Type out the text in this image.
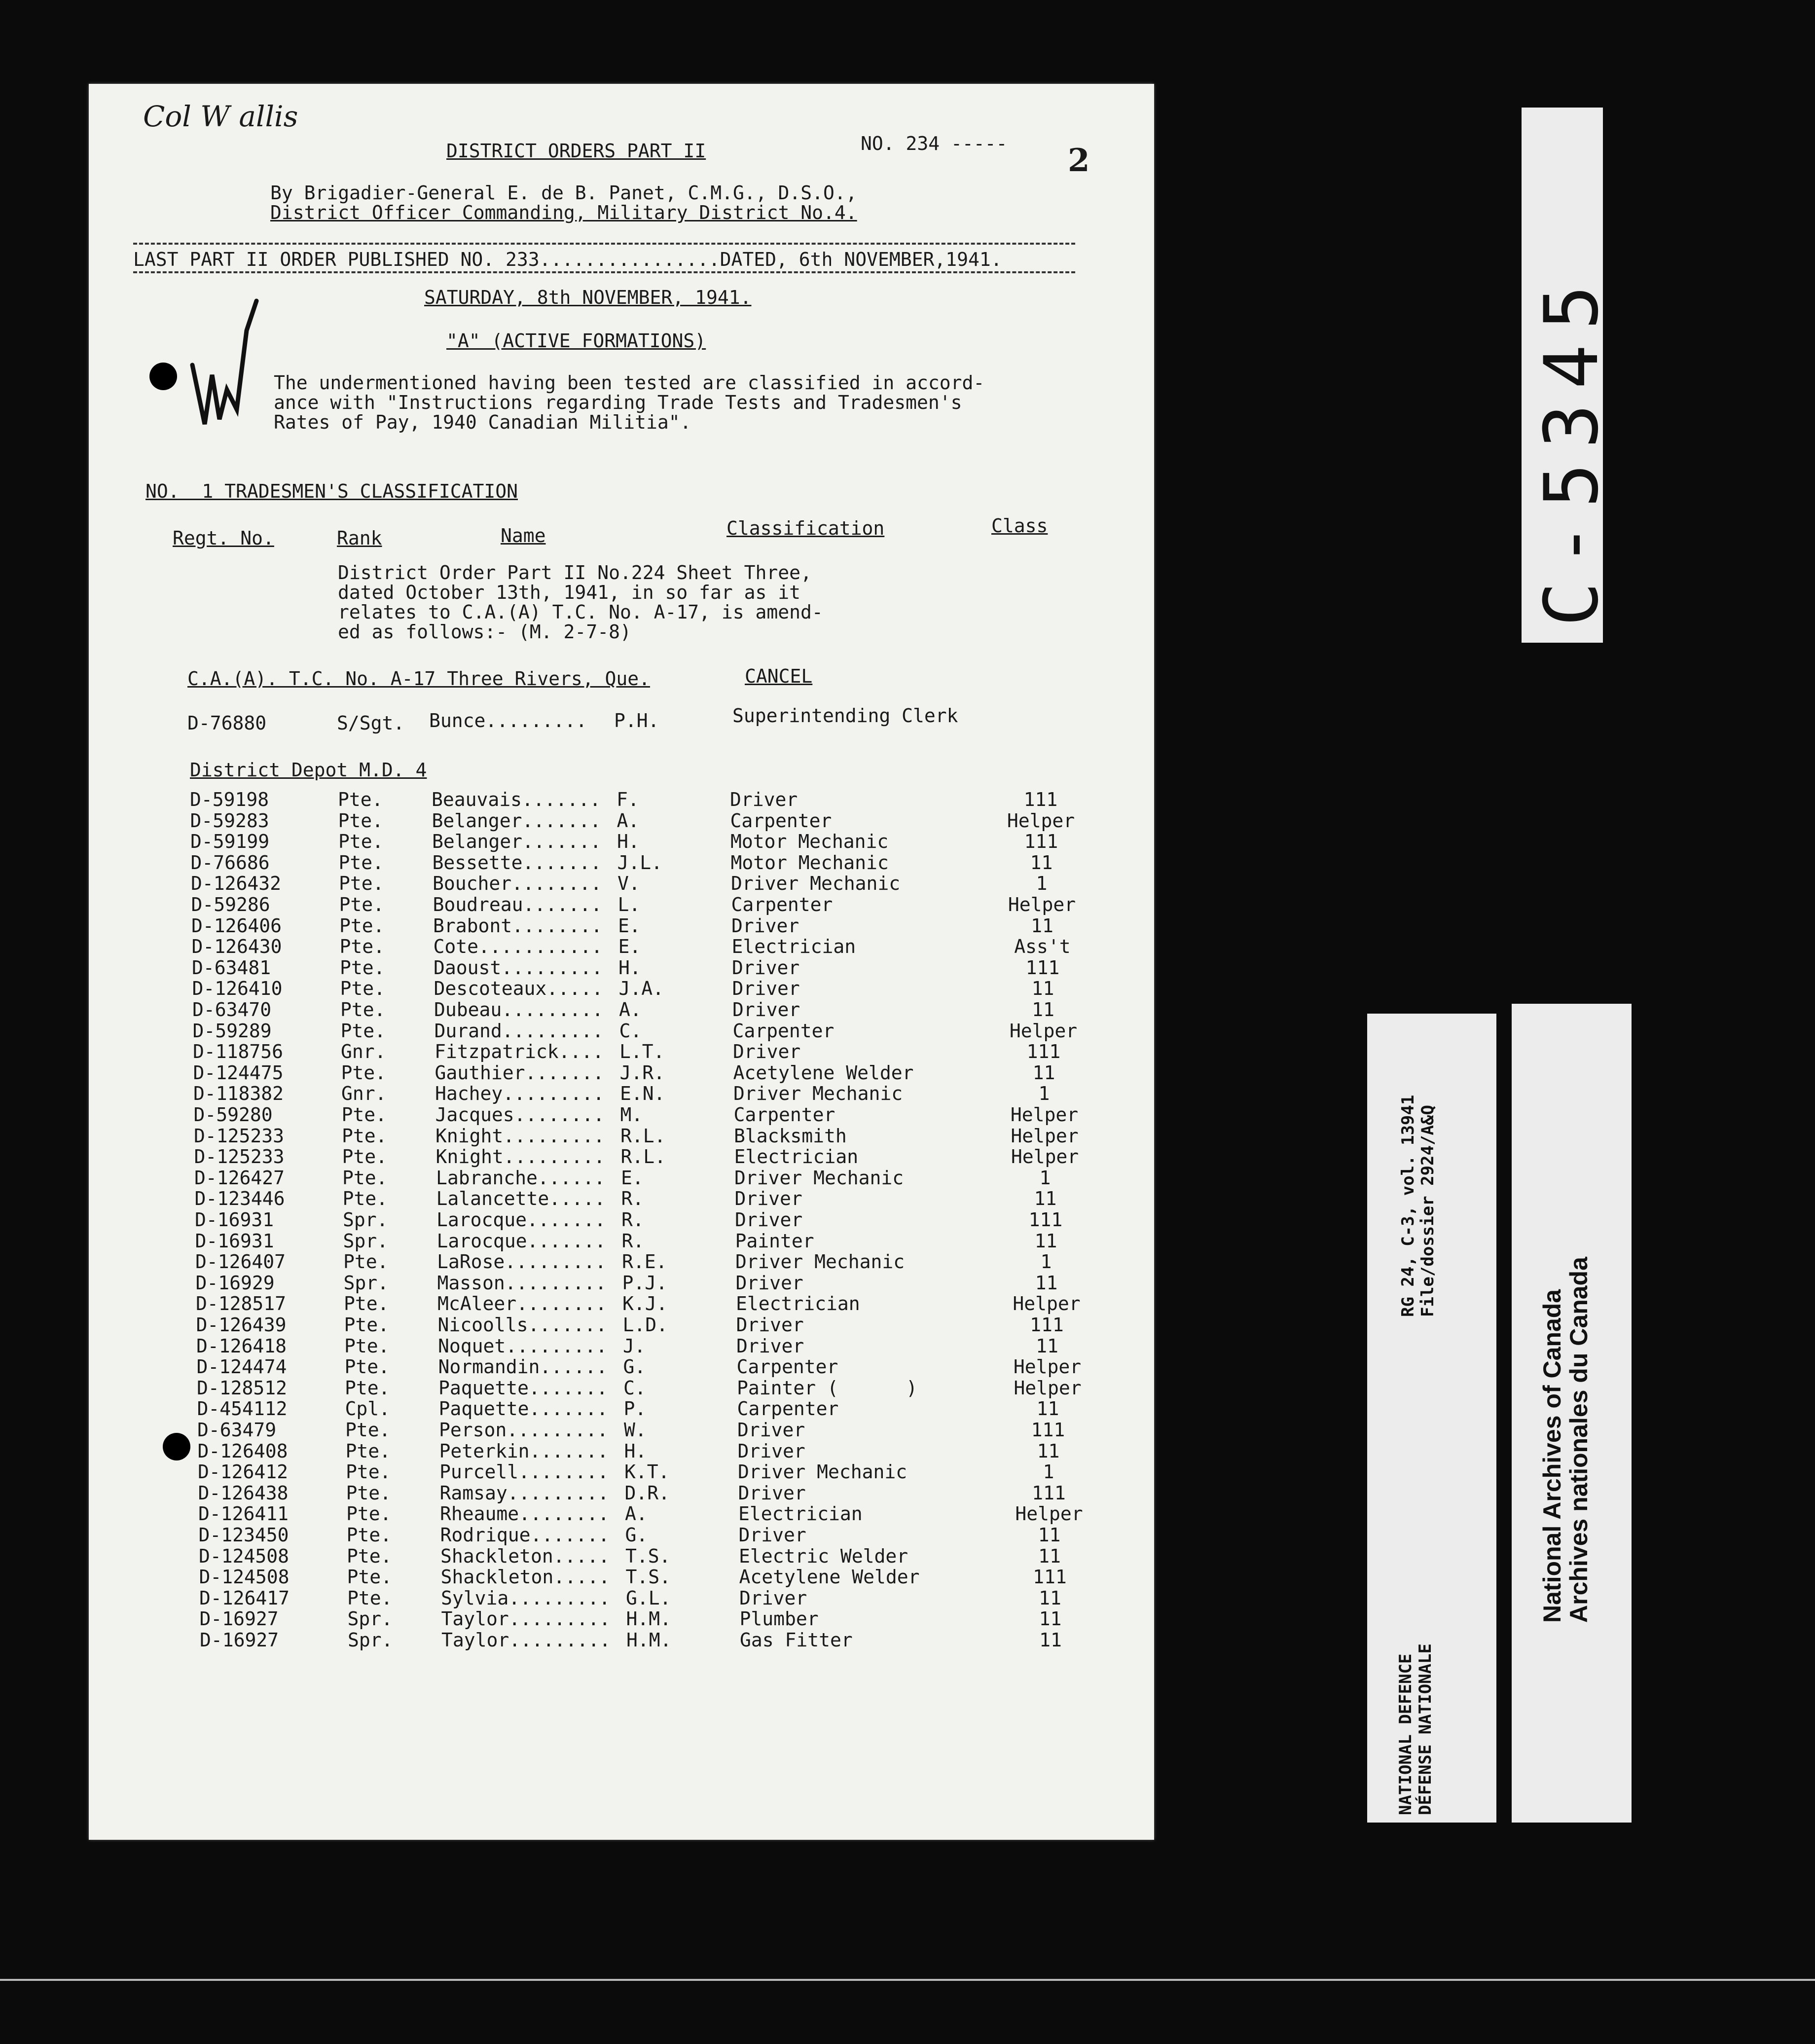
Col W allis
DISTRICT ORDERS PART II	NO. 234 ----- 2
By Brigadier-General E. de B. Panet, C.M.G., D.S.O.,
District Officer Commanding, Military District No.4.
LAST PART II ORDER PUBLISHED NO. 233................DATED, 6th NOVEMBER,1941.
SATURDAY, 8th NOVEMBER, 1941.
"A" (ACTIVE FORMATIONS)
The undermentioned having been tested are classified in accord-
ance with "Instructions regarding Trade Tests and Tradesmen's
Rates of Pay, 1940 Canadian Militia".
NO.  1 TRADESMEN'S CLASSIFICATION
Regt. No.	Rank	Name	Classification	Class
District Order Part II No.224 Sheet Three,
dated October 13th, 1941, in so far as it
relates to C.A.(A) T.C. No. A-17, is amend-
ed as follows:- (M. 2-7-8)
C.A.(A). T.C. No. A-17 Three Rivers, Que.	CANCEL
D-76880	S/Sgt. Bunce......... P.H.	Superintending Clerk
District Depot M.D. 4
D-59198	Pte.	Beauvais....... F.	Driver	111
D-59283	Pte.	Belanger....... A.	Carpenter	Helper
D-59199	Pte.	Belanger....... H.	Motor Mechanic	111
D-76686	Pte.	Bessette....... J.L.	Motor Mechanic	11
D-126432	Pte.	Boucher........ V.	Driver Mechanic	1
D-59286	Pte.	Boudreau....... L.	Carpenter	Helper
D-126406	Pte.	Brabont........ E.	Driver	11
D-126430	Pte.	Cote........... E.	Electrician	Ass't
D-63481	Pte.	Daoust......... H.	Driver	111
D-126410	Pte.	Descoteaux..... J.A.	Driver	11
D-63470	Pte.	Dubeau......... A.	Driver	11
D-59289	Pte.	Durand......... C.	Carpenter	Helper
D-118756	Gnr.	Fitzpatrick.... L.T.	Driver	111
D-124475	Pte.	Gauthier....... J.R.	Acetylene Welder	11
D-118382	Gnr.	Hachey......... E.N.	Driver Mechanic	1
D-59280	Pte.	Jacques........ M.	Carpenter	Helper
D-125233	Pte.	Knight......... R.L.	Blacksmith	Helper
D-125233	Pte.	Knight......... R.L.	Electrician	Helper
D-126427	Pte.	Labranche...... E.	Driver Mechanic	1
D-123446	Pte.	Lalancette..... R.	Driver	11
D-16931	Spr.	Larocque....... R.	Driver	111
D-16931	Spr.	Larocque....... R.	Painter	11
D-126407	Pte.	LaRose......... R.E.	Driver Mechanic	1
D-16929	Spr.	Masson......... P.J.	Driver	11
D-128517	Pte.	McAleer........ K.J.	Electrician	Helper
D-126439	Pte.	Nicoolls....... L.D.	Driver	111
D-126418	Pte.	Noquet......... J.	Driver	11
D-124474	Pte.	Normandin...... G.	Carpenter	Helper
D-128512	Pte.	Paquette....... C.	Painter (      )	Helper
D-454112	Cpl.	Paquette....... P.	Carpenter	11
D-63479	Pte.	Person......... W.	Driver	111
D-126408	Pte.	Peterkin....... H.	Driver	11
D-126412	Pte.	Purcell........ K.T.	Driver Mechanic	1
D-126438	Pte.	Ramsay......... D.R.	Driver	111
D-126411	Pte.	Rheaume........ A.	Electrician	Helper
D-123450	Pte.	Rodrique....... G.	Driver	11
D-124508	Pte.	Shackleton..... T.S.	Electric Welder	11
D-124508	Pte.	Shackleton..... T.S.	Acetylene Welder	111
D-126417	Pte.	Sylvia......... G.L.	Driver	11
D-16927	Spr.	Taylor......... H.M.	Plumber	11
D-16927	Spr.	Taylor......... H.M.	Gas Fitter	11
C-5345
RG 24, C-3, vol. 13941 File/dossier 2924/A&Q
NATIONAL DEFENCE DÉFENSE NATIONALE
National Archives of Canada
Archives nationales du Canada
